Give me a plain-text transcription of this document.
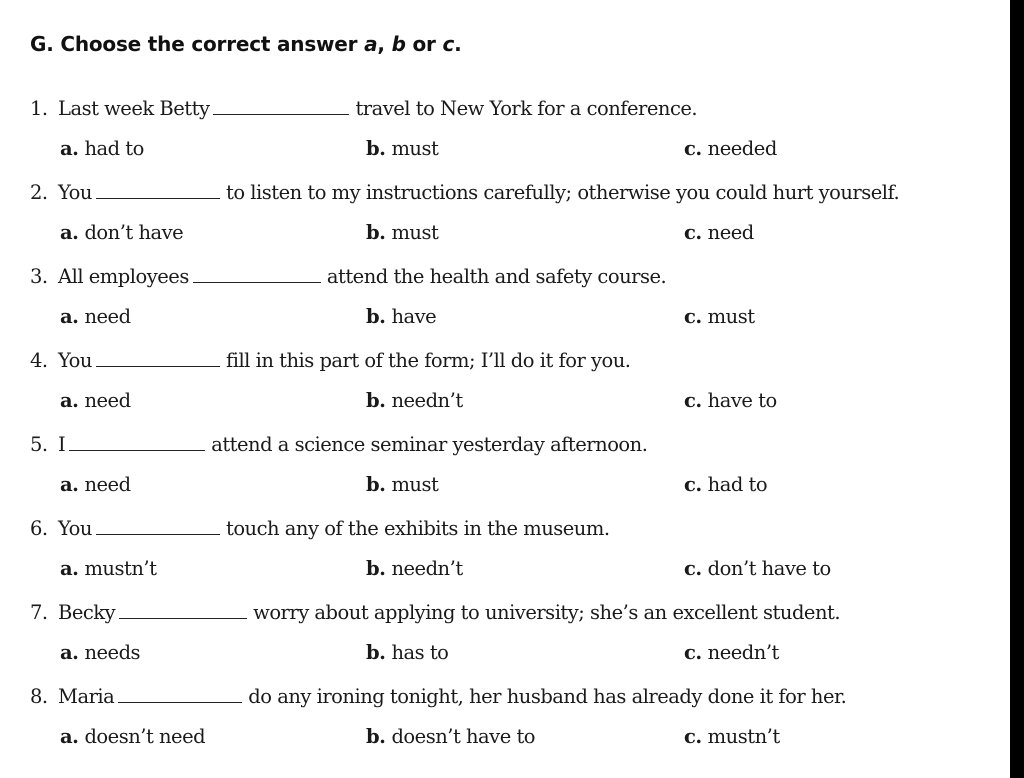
G. Choose the correct answer a, b or c.
1. Last week Betty	travel to New York for a conference.
a. had to	b. must	c. needed
2. You	to listen to my instructions carefully; otherwise you could hurt yourself.
a. don’t have	b. must	c. need
3. All employees	attend the health and safety course.
a. need	b. have	c. must
4. You	fill in this part of the form; I’ll do it for you.
a. need	b. needn’t	c. have to
5. I	attend a science seminar yesterday afternoon.
a. need	b. must	c. had to
6. You	touch any of the exhibits in the museum.
a. mustn’t	b. needn’t	c. don’t have to
7. Becky	worry about applying to university; she’s an excellent student.
a. needs	b. has to	c. needn’t
8. Maria	do any ironing tonight, her husband has already done it for her.
a. doesn’t need	b. doesn’t have to	c. mustn’t
